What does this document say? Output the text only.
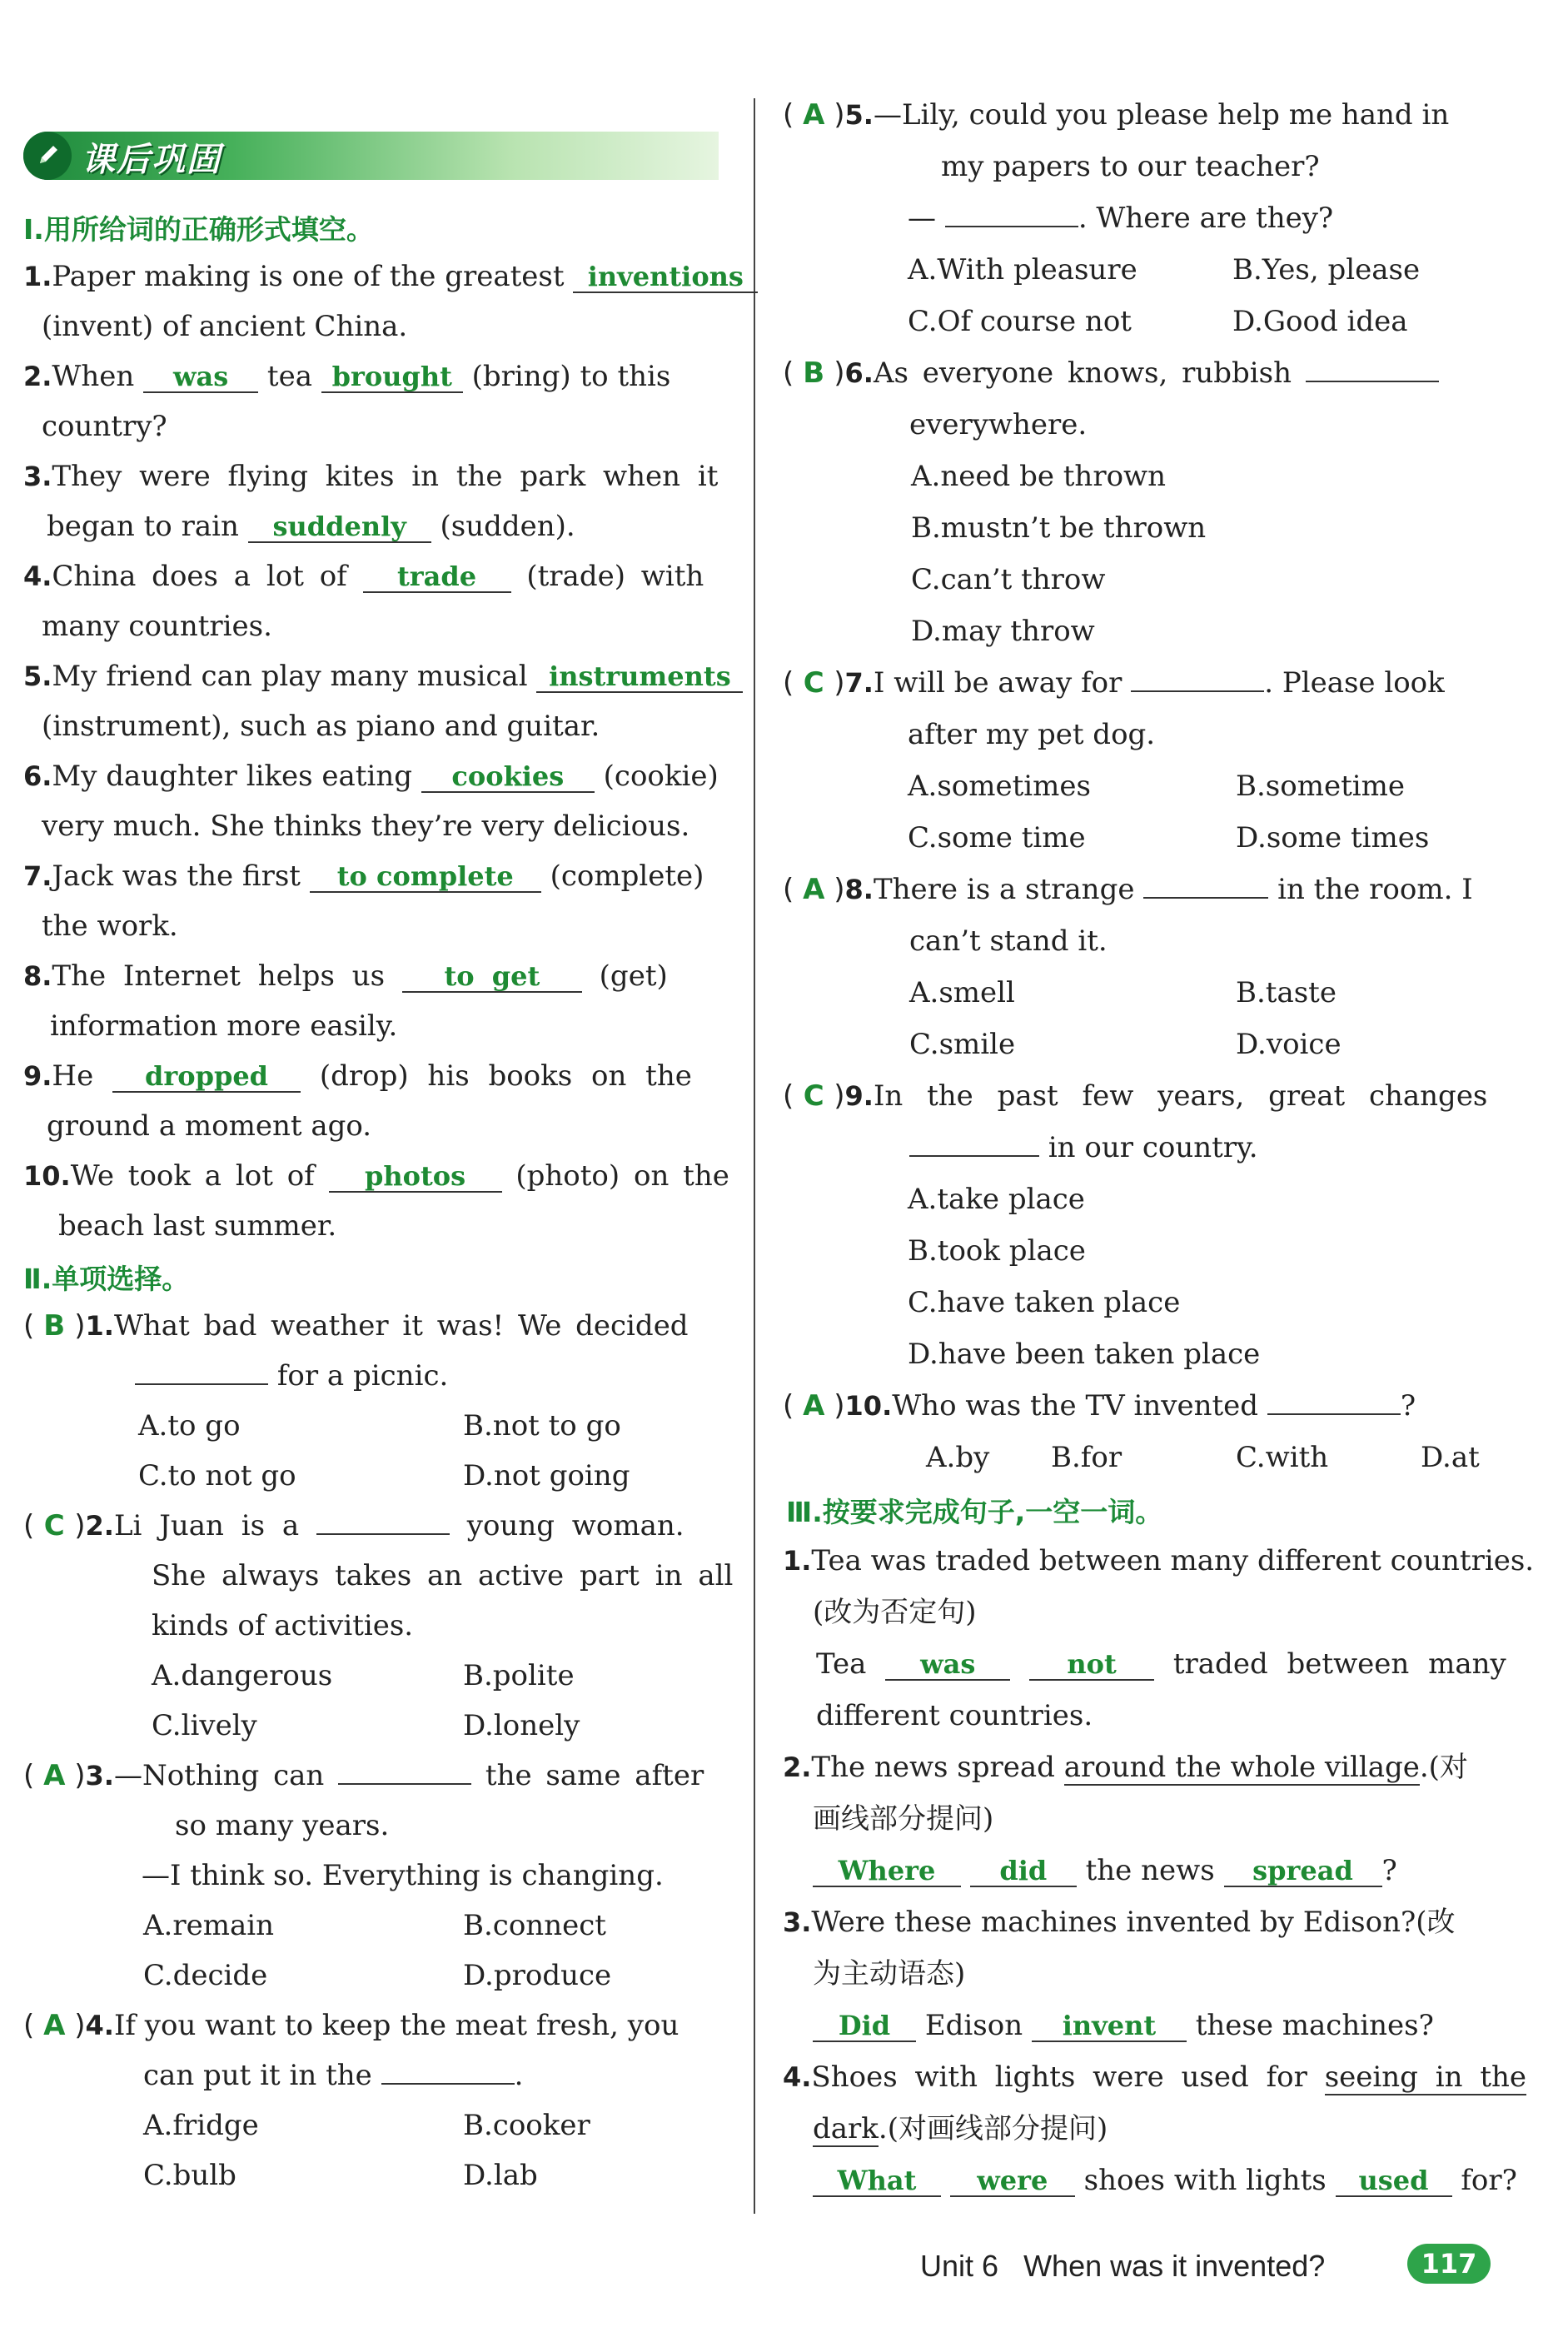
课后巩固
Ⅰ.用所给词的正确形式填空。
1.Paper making is one of the greatest inventions
(invent) of ancient China.
2.When was tea brought (bring) to this
country?
3.They were flying kites in the park when it
began to rain suddenly (sudden).
4.China does a lot of trade (trade) with
many countries.
5.My friend can play many musical instruments
(instrument), such as piano and guitar.
6.My daughter likes eating cookies (cookie)
very much. She thinks they’re very delicious.
7.Jack was the first to complete (complete)
the work.
8.The Internet helps us to get (get)
information more easily.
9.He dropped (drop) his books on the
ground a moment ago.
10.We took a lot of photos (photo) on the
beach last summer.
Ⅱ.单项选择。
( B )1.What bad weather it was! We decided
for a picnic.
A.to go	B.not to go
C.to not go	D.not going
( C )2.Li Juan is a	young woman.
She always takes an active part in all
kinds of activities.
A.dangerous	B.polite
C.lively	D.lonely
( A )3.—Nothing can	the same after
so many years.
—I think so. Everything is changing.
A.remain	B.connect
C.decide	D.produce
( A )4.If you want to keep the meat fresh, you
can put it in the	.
A.fridge	B.cooker
C.bulb	D.lab
( A )5.—Lily, could you please help me hand in
my papers to our teacher?
—	. Where are they?
A.With pleasure	B.Yes, please
C.Of course not	D.Good idea
( B )6.As everyone knows, rubbish
everywhere.
A.need be thrown
B.mustn’t be thrown
C.can’t throw
D.may throw
( C )7.I will be away for	. Please look
after my pet dog.
A.sometimes	B.sometime
C.some time	D.some times
( A )8.There is a strange	in the room. I
can’t stand it.
A.smell	B.taste
C.smile	D.voice
( C )9.In the past few years, great changes
in our country.
A.take place
B.took place
C.have taken place
D.have been taken place
( A )10.Who was the TV invented	?
A.by B.for	C.with	D.at
Ⅲ.按要求完成句子,一空一词。
1.Tea was traded between many different countries.
(改为否定句)
Tea was	not traded between many
different countries.
2.The news spread around the whole village.(对
画线部分提问)
Where did the news spread ?
3.Were these machines invented by Edison?(改
为主动语态)
Did Edison invent these machines?
4.Shoes with lights were used for seeing in the
dark.(对画线部分提问)
What were shoes with lights used for?
Unit 6 When was it invented?	117
